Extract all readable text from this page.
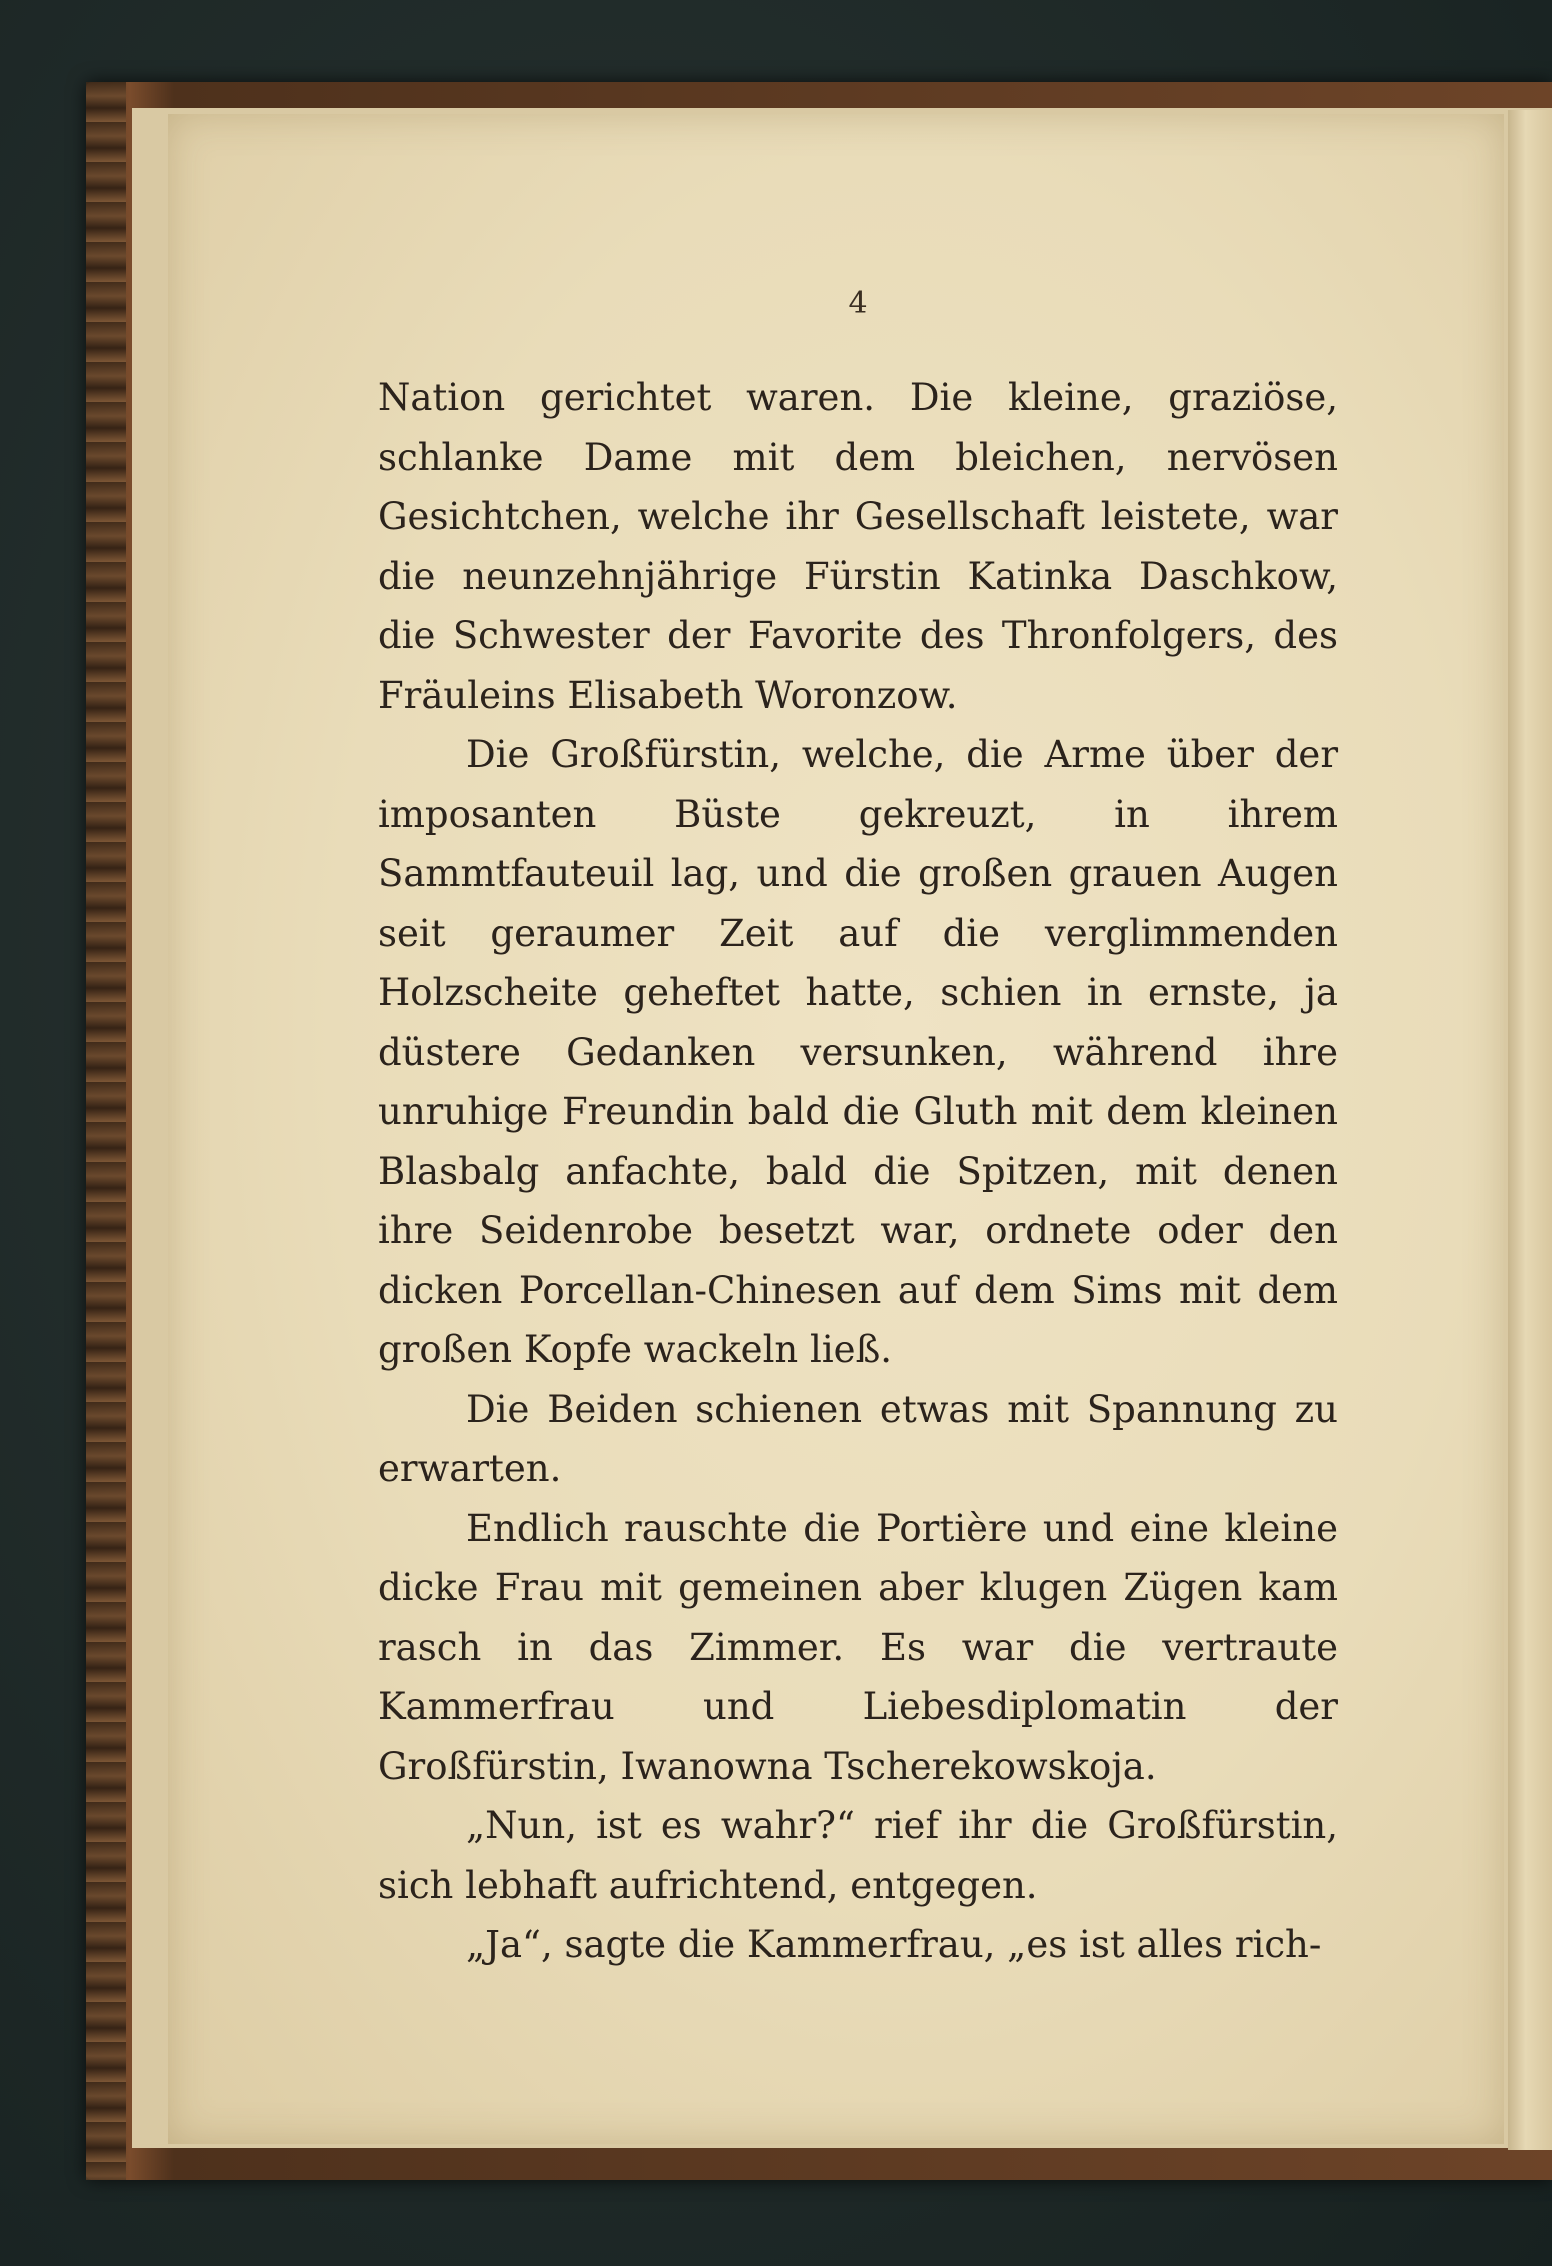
4

Nation gerichtet waren. Die kleine, graziöse, schlanke Dame mit dem bleichen, nervösen Gesichtchen, welche ihr Gesellschaft leistete, war die neunzehnjährige Fürstin Katinka Daschkow, die Schwester der Favorite des Thronfolgers, des Fräuleins Elisabeth Woronzow.

Die Großfürstin, welche, die Arme über der imposanten Büste gekreuzt, in ihrem Sammtfauteuil lag, und die großen grauen Augen seit geraumer Zeit auf die verglimmenden Holzscheite geheftet hatte, schien in ernste, ja düstere Gedanken versunken, während ihre unruhige Freundin bald die Gluth mit dem kleinen Blasbalg anfachte, bald die Spitzen, mit denen ihre Seidenrobe besetzt war, ordnete oder den dicken Porcellan-Chinesen auf dem Sims mit dem großen Kopfe wackeln ließ.

Die Beiden schienen etwas mit Spannung zu erwarten.

Endlich rauschte die Portière und eine kleine dicke Frau mit gemeinen aber klugen Zügen kam rasch in das Zimmer. Es war die vertraute Kammerfrau und Liebesdiplomatin der Großfürstin, Iwanowna Tscherekowskoja.

„Nun, ist es wahr?“ rief ihr die Großfürstin, sich lebhaft aufrichtend, entgegen.

„Ja“, sagte die Kammerfrau, „es ist alles rich-
